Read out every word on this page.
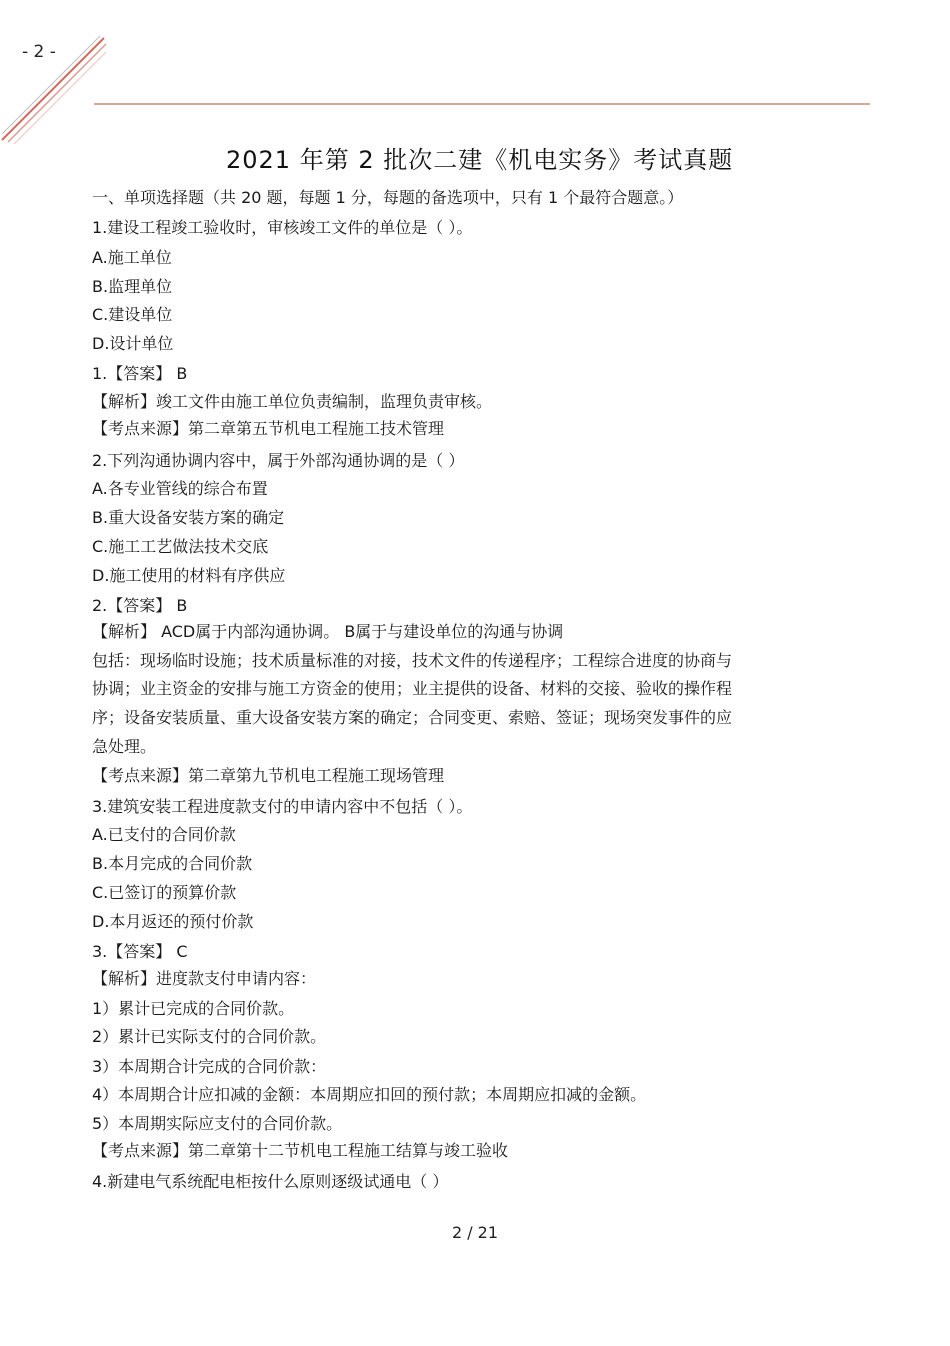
- 2 -
2021 年第 2 批次二建《机电实务》考试真题
一、单项选择题（共 20 题，每题 1 分，每题的备选项中，只有 1 个最符合题意。）
1.建设工程竣工验收时，审核竣工文件的单位是（ ）。
A.施工单位
B.监理单位
C.建设单位
D.设计单位
1.【答案】 B
【解析】竣工文件由施工单位负责编制，监理负责审核。
【考点来源】第二章第五节机电工程施工技术管理
2.下列沟通协调内容中，属于外部沟通协调的是（ ）
A.各专业管线的综合布置
B.重大设备安装方案的确定
C.施工工艺做法技术交底
D.施工使用的材料有序供应
2.【答案】 B
【解析】 ACD属于内部沟通协调。 B属于与建设单位的沟通与协调
包括：现场临时设施；技术质量标准的对接，技术文件的传递程序；工程综合进度的协商与
协调；业主资金的安排与施工方资金的使用；业主提供的设备、材料的交接、验收的操作程
序；设备安装质量、重大设备安装方案的确定；合同变更、索赔、签证；现场突发事件的应
急处理。
【考点来源】第二章第九节机电工程施工现场管理
3.建筑安装工程进度款支付的申请内容中不包括（ ）。
A.已支付的合同价款
B.本月完成的合同价款
C.已签订的预算价款
D.本月返还的预付价款
3.【答案】 C
【解析】进度款支付申请内容：
1）累计已完成的合同价款。
2）累计已实际支付的合同价款。
3）本周期合计完成的合同价款：
4）本周期合计应扣减的金额：本周期应扣回的预付款；本周期应扣减的金额。
5）本周期实际应支付的合同价款。
【考点来源】第二章第十二节机电工程施工结算与竣工验收
4.新建电气系统配电柜按什么原则逐级试通电（ ）
2 / 21
